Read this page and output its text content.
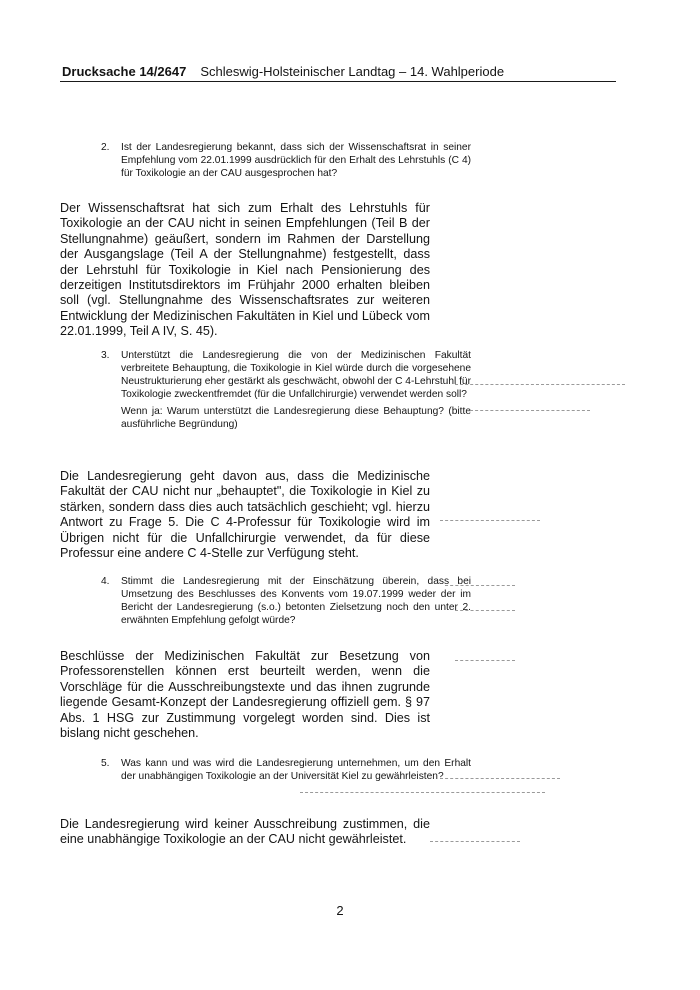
Drucksache 14/2647 Schleswig-Holsteinischer Landtag – 14. Wahlperiode
2. Ist der Landesregierung bekannt, dass sich der Wissenschaftsrat in seiner Empfehlung vom 22.01.1999 ausdrücklich für den Erhalt des Lehrstuhls (C 4) für Toxikologie an der CAU ausgesprochen hat?
Der Wissenschaftsrat hat sich zum Erhalt des Lehrstuhls für Toxikologie an der CAU nicht in seinen Empfehlungen (Teil B der Stellungnahme) geäußert, sondern im Rahmen der Darstellung der Ausgangslage (Teil A der Stellungnahme) festgestellt, dass der Lehrstuhl für Toxikologie in Kiel nach Pensionierung des derzeitigen Institutsdirektors im Frühjahr 2000 erhalten bleiben soll (vgl. Stellungnahme des Wissenschaftsrates zur weiteren Entwicklung der Medizinischen Fakultäten in Kiel und Lübeck vom 22.01.1999, Teil A IV, S. 45).
3. Unterstützt die Landesregierung die von der Medizinischen Fakultät verbreitete Behauptung, die Toxikologie in Kiel würde durch die vorgesehene Neustrukturierung eher gestärkt als geschwächt, obwohl der C 4-Lehrstuhl für Toxikologie zweckentfremdet (für die Unfallchirurgie) verwendet werden soll?
Wenn ja: Warum unterstützt die Landesregierung diese Behauptung? (bitte ausführliche Begründung)
Die Landesregierung geht davon aus, dass die Medizinische Fakultät der CAU nicht nur „behauptet", die Toxikologie in Kiel zu stärken, sondern dass dies auch tatsächlich geschieht; vgl. hierzu Antwort zu Frage 5. Die C 4-Professur für Toxikologie wird im Übrigen nicht für die Unfallchirurgie verwendet, da für diese Professur eine andere C 4-Stelle zur Verfügung steht.
4. Stimmt die Landesregierung mit der Einschätzung überein, dass bei Umsetzung des Beschlusses des Konvents vom 19.07.1999 weder der im Bericht der Landesregierung (s.o.) betonten Zielsetzung noch den unter 2. erwähnten Empfehlung gefolgt würde?
Beschlüsse der Medizinischen Fakultät zur Besetzung von Professorenstellen können erst beurteilt werden, wenn die Vorschläge für die Ausschreibungstexte und das ihnen zugrunde liegende Gesamt-Konzept der Landesregierung offiziell gem. § 97 Abs. 1 HSG zur Zustimmung vorgelegt worden sind. Dies ist bislang nicht geschehen.
5. Was kann und was wird die Landesregierung unternehmen, um den Erhalt der unabhängigen Toxikologie an der Universität Kiel zu gewährleisten?
Die Landesregierung wird keiner Ausschreibung zustimmen, die eine unabhängige Toxikologie an der CAU nicht gewährleistet.
2
